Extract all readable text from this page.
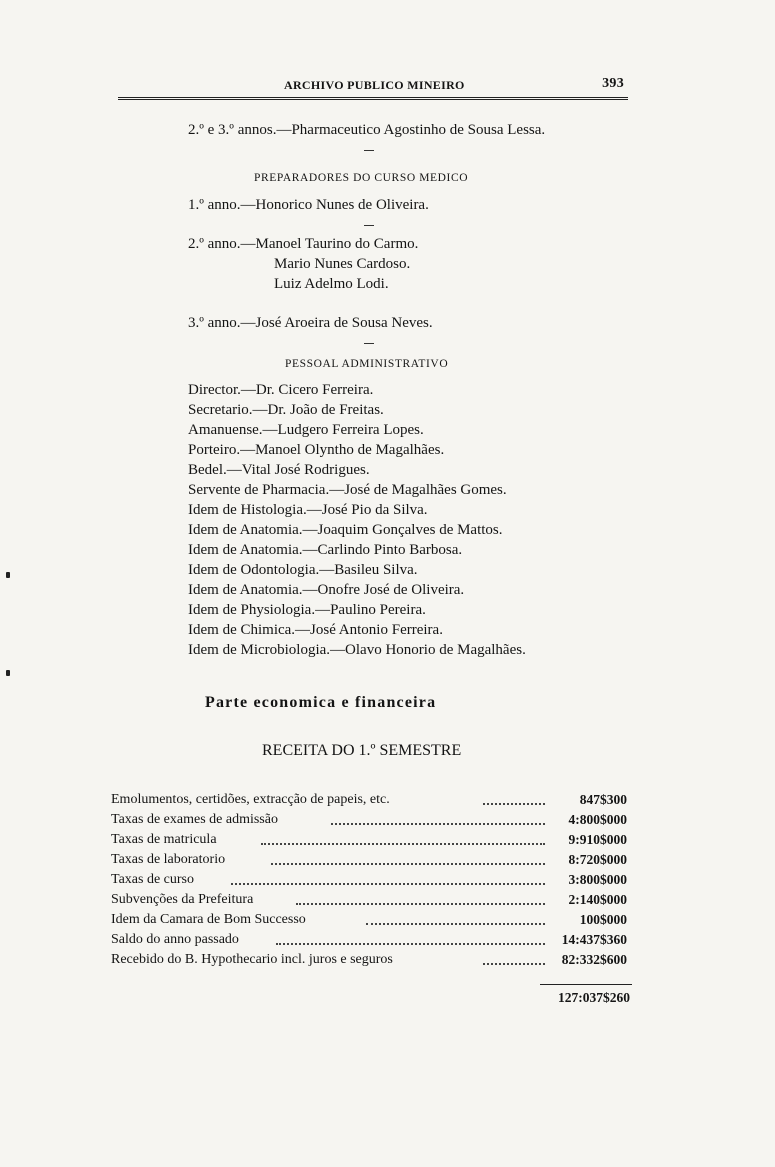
ARCHIVO PUBLICO MINEIRO	393
2.º e 3.º annos.—Pharmaceutico Agostinho de Sousa Lessa.
PREPARADORES DO CURSO MEDICO
1.º anno.—Honorico Nunes de Oliveira.
2.º anno.—Manoel Taurino do Carmo.
Mario Nunes Cardoso.
Luiz Adelmo Lodi.
3.º anno.—José Aroeira de Sousa Neves.
PESSOAL ADMINISTRATIVO
Director.—Dr. Cicero Ferreira.
Secretario.—Dr. João de Freitas.
Amanuense.—Ludgero Ferreira Lopes.
Porteiro.—Manoel Olyntho de Magalhães.
Bedel.—Vital José Rodrigues.
Servente de Pharmacia.—José de Magalhães Gomes.
Idem de Histologia.—José Pio da Silva.
Idem de Anatomia.—Joaquim Gonçalves de Mattos.
Idem de Anatomia.—Carlindo Pinto Barbosa.
Idem de Odontologia.—Basileu Silva.
Idem de Anatomia.—Onofre José de Oliveira.
Idem de Physiologia.—Paulino Pereira.
Idem de Chimica.—José Antonio Ferreira.
Idem de Microbiologia.—Olavo Honorio de Magalhães.
Parte economica e financeira
RECEITA DO 1.º SEMESTRE
Emolumentos, certidões, extracção de papeis, etc.	847$300
Taxas de exames de admissão	4:800$000
Taxas de matricula	9:910$000
Taxas de laboratorio	8:720$000
Taxas de curso	3:800$000
Subvenções da Prefeitura	2:140$000
Idem da Camara de Bom Successo	100$000
Saldo do anno passado	14:437$360
Recebido do B. Hypothecario incl. juros e seguros	82:332$600
127:037$260
